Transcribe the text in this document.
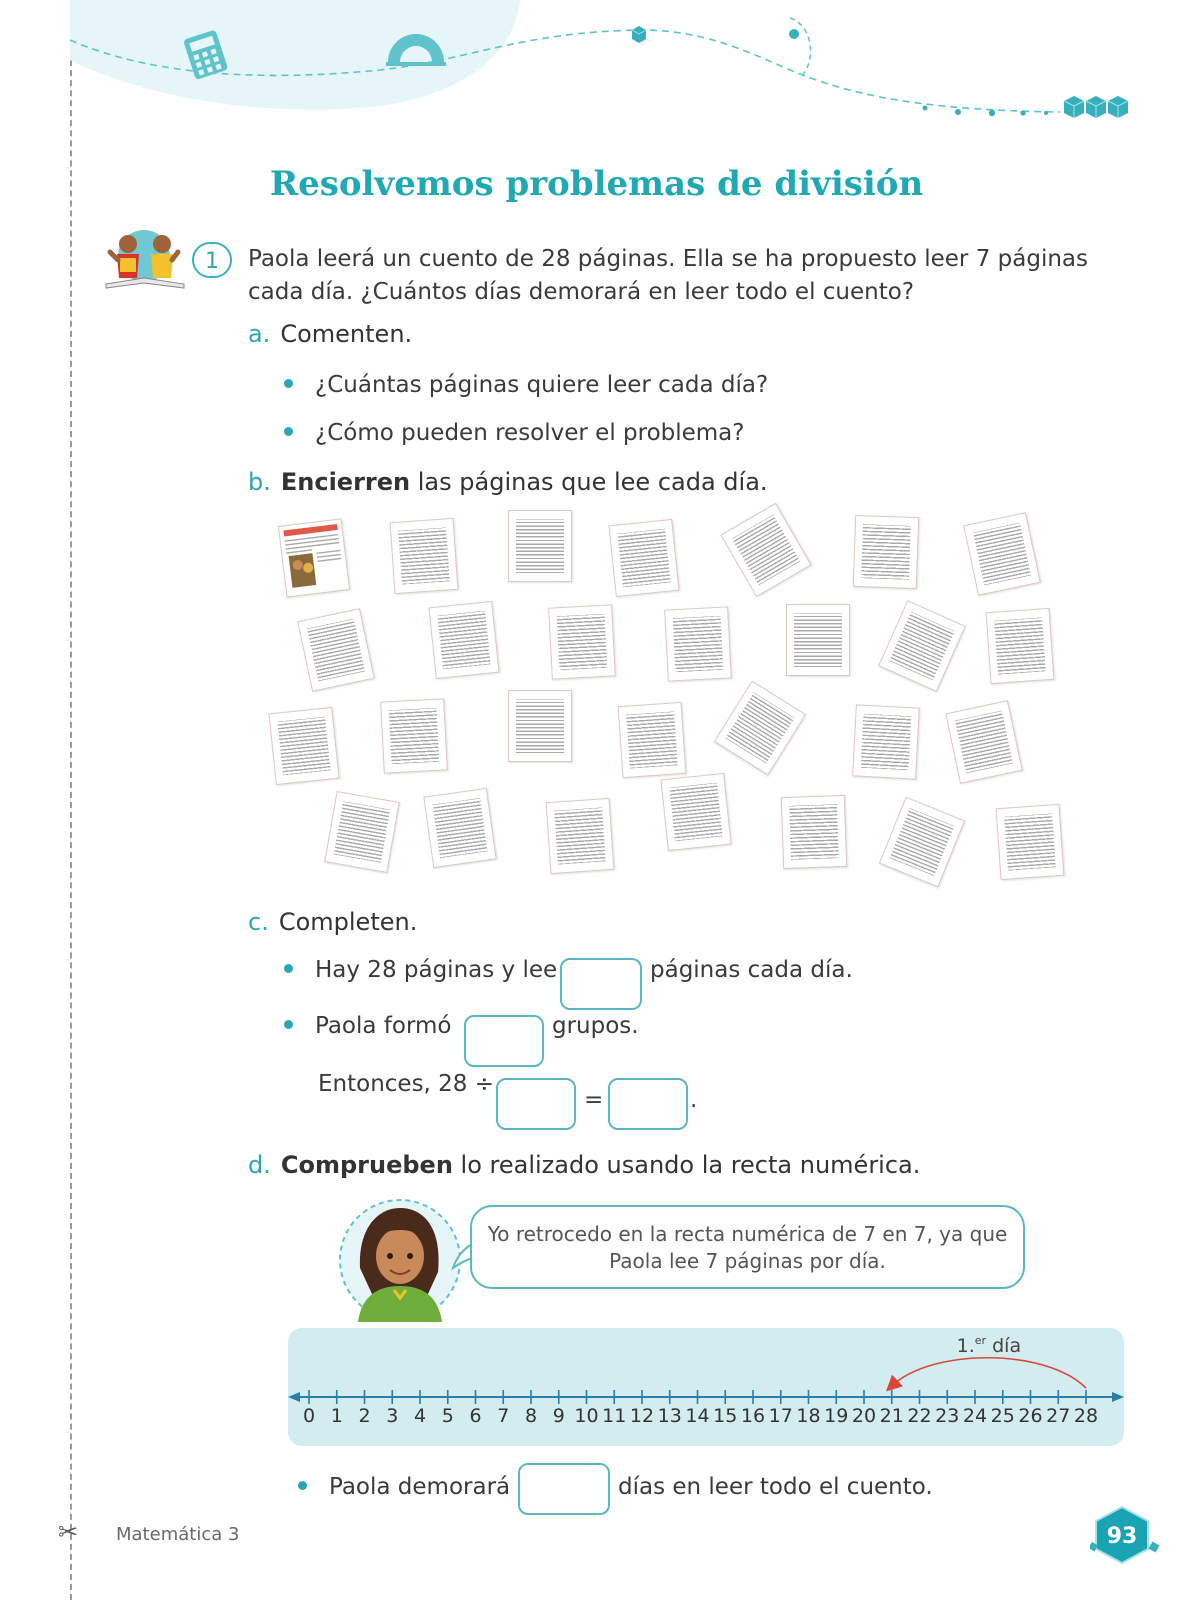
Resolvemos problemas de división
1	Paola leerá un cuento de 28 páginas. Ella se ha propuesto leer 7 páginas cada día. ¿Cuántos días demorará en leer todo el cuento?
a. Comenten.
¿Cuántas páginas quiere leer cada día?
¿Cómo pueden resolver el problema?
b. Encierren las páginas que lee cada día.
c. Completen.
Hay 28 páginas y lee	páginas cada día.
Paola formó	grupos.
Entonces, 28 ÷
=	.
d. Comprueben lo realizado usando la recta numérica.
Yo retrocedo en la recta numérica de 7 en 7, ya que Paola lee 7 páginas por día.
0 1 2 3 4 5 6 7 8 9 10 11 12 13 14 15 16 17 18 19 20 21 22 23 24 25 26 27 28
1.$^{er}$ día
Paola demorará	días en leer todo el cuento.
✂ Matemática 3	93
